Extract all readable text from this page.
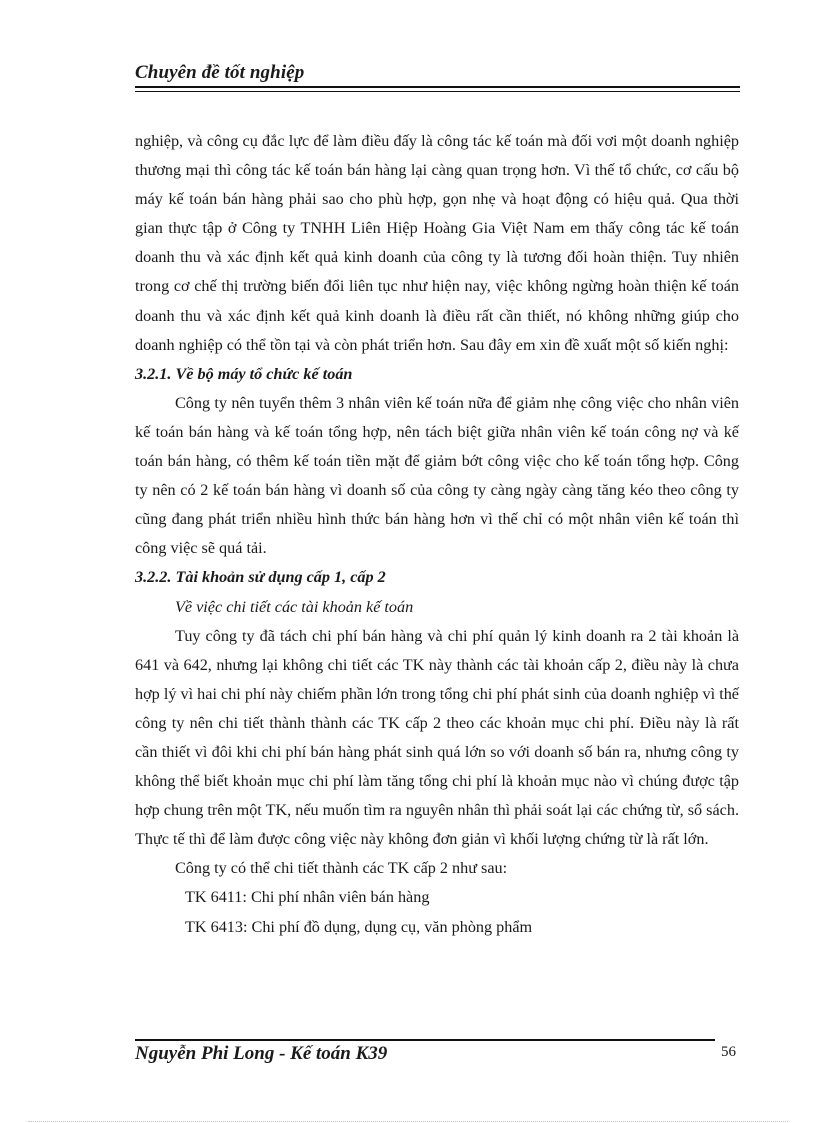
Chuyên đề tốt nghiệp

nghiệp, và công cụ đắc lực để làm điều đấy là công tác kế toán mà đối vơi một doanh nghiệp thương mại thì công tác kế toán bán hàng lại càng quan trọng hơn. Vì thế tổ chức, cơ cấu bộ máy kế toán bán hàng phải sao cho phù hợp, gọn nhẹ và hoạt động có hiệu quả. Qua thời gian thực tập ở Công ty TNHH Liên Hiệp Hoàng Gia Việt Nam em thấy công tác kế toán doanh thu và xác định kết quả kinh doanh của công ty là tương đối hoàn thiện. Tuy nhiên trong cơ chế thị trường biến đổi liên tục như hiện nay, việc không ngừng hoàn thiện kế toán doanh thu và xác định kết quả kinh doanh là điều rất cần thiết, nó không những giúp cho doanh nghiệp có thể tồn tại và còn phát triển hơn. Sau đây em xin đề xuất một số kiến nghị:

3.2.1. Về bộ máy tổ chức kế toán

Công ty nên tuyển thêm 3 nhân viên kế toán nữa để giảm nhẹ công việc cho nhân viên kế toán bán hàng và kế toán tổng hợp, nên tách biệt giữa nhân viên kế toán công nợ và kế toán bán hàng, có thêm kế toán tiền mặt để giảm bớt công việc cho kế toán tổng hợp. Công ty nên có 2 kế toán bán hàng vì doanh số của công ty càng ngày càng tăng kéo theo công ty cũng đang phát triển nhiều hình thức bán hàng hơn vì thế chỉ có một nhân viên kế toán thì công việc sẽ quá tải.

3.2.2. Tài khoản sử dụng cấp 1, cấp 2

Về việc chi tiết các tài khoản kế toán

Tuy công ty đã tách chi phí bán hàng và chi phí quản lý kinh doanh ra 2 tài khoản là 641 và 642, nhưng lại không chi tiết các TK này thành các tài khoản cấp 2, điều này là chưa hợp lý vì hai chi phí này chiếm phần lớn trong tổng chi phí phát sinh của doanh nghiệp vì thế công ty nên chi tiết thành thành các TK cấp 2 theo các khoản mục chi phí. Điều này là rất cần thiết vì đôi khi chi phí bán hàng phát sinh quá lớn so với doanh số bán ra, nhưng công ty không thể biết khoản mục chi phí làm tăng tổng chi phí là khoản mục nào vì chúng được tập hợp chung trên một TK, nếu muốn tìm ra nguyên nhân thì phải soát lại các chứng từ, sổ sách. Thực tế thì để làm được công việc này không đơn giản vì khối lượng chứng từ là rất lớn.

Công ty có thể chi tiết thành các TK cấp 2 như sau:

TK 6411: Chi phí nhân viên bán hàng

TK 6413: Chi phí đồ dụng, dụng cụ, văn phòng phẩm

Nguyễn Phi Long - Kế toán K39	56
